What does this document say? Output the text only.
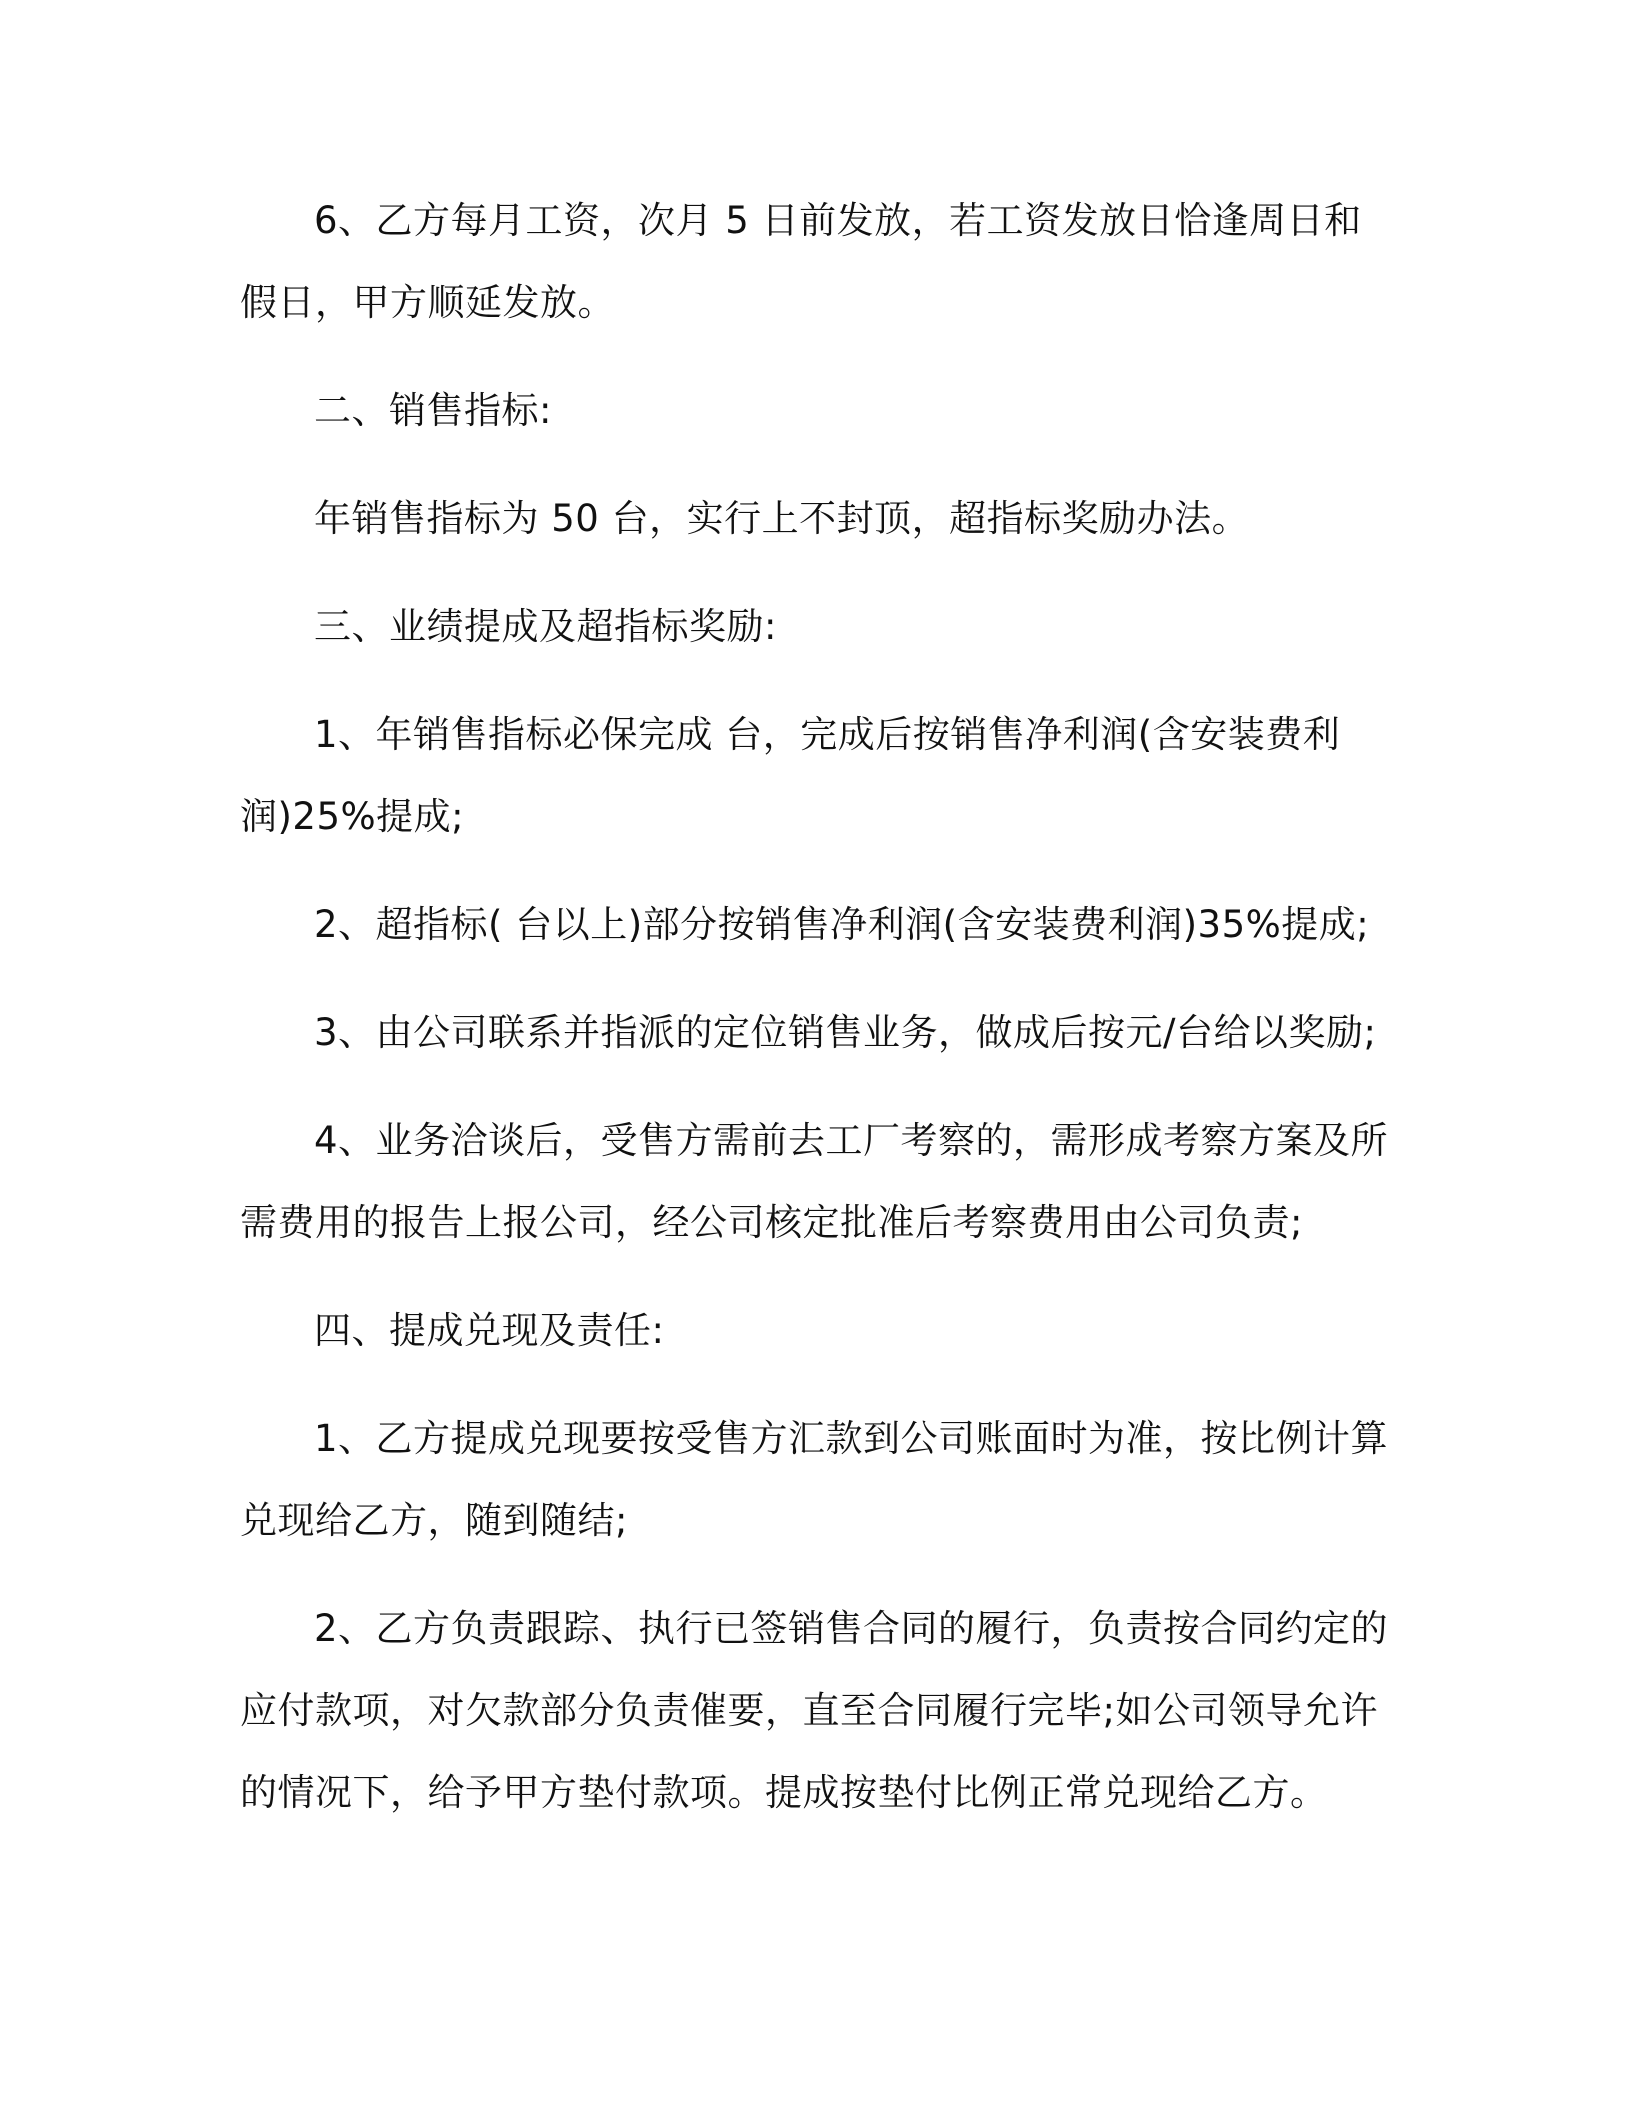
6、乙方每月工资，次月 5 日前发放，若工资发放日恰逢周日和假日，甲方顺延发放。

二、销售指标:

年销售指标为 50 台，实行上不封顶，超指标奖励办法。

三、业绩提成及超指标奖励:

1、年销售指标必保完成 台，完成后按销售净利润(含安装费利润)25%提成;

2、超指标( 台以上)部分按销售净利润(含安装费利润)35%提成;

3、由公司联系并指派的定位销售业务，做成后按元/台给以奖励;

4、业务洽谈后，受售方需前去工厂考察的，需形成考察方案及所需费用的报告上报公司，经公司核定批准后考察费用由公司负责;

四、提成兑现及责任:

1、乙方提成兑现要按受售方汇款到公司账面时为准，按比例计算兑现给乙方，随到随结;

2、乙方负责跟踪、执行已签销售合同的履行，负责按合同约定的应付款项，对欠款部分负责催要，直至合同履行完毕;如公司领导允许的情况下，给予甲方垫付款项。提成按垫付比例正常兑现给乙方。
